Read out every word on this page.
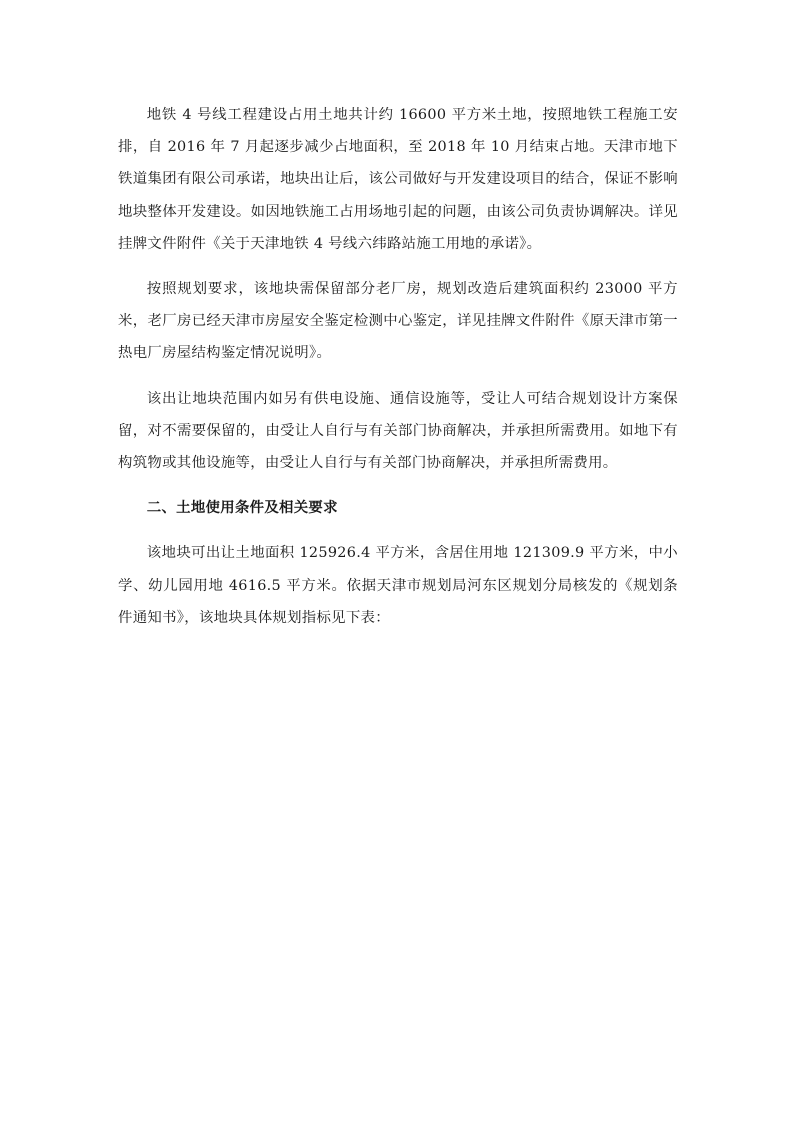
地铁 4 号线工程建设占用土地共计约 16600 平方米土地，按照地铁工程施工安排，自 2016 年 7 月起逐步减少占地面积，至 2018 年 10 月结束占地。天津市地下铁道集团有限公司承诺，地块出让后，该公司做好与开发建设项目的结合，保证不影响地块整体开发建设。如因地铁施工占用场地引起的问题，由该公司负责协调解决。详见挂牌文件附件《关于天津地铁 4 号线六纬路站施工用地的承诺》。

按照规划要求，该地块需保留部分老厂房，规划改造后建筑面积约 23000 平方米，老厂房已经天津市房屋安全鉴定检测中心鉴定，详见挂牌文件附件《原天津市第一热电厂房屋结构鉴定情况说明》。

该出让地块范围内如另有供电设施、通信设施等，受让人可结合规划设计方案保留，对不需要保留的，由受让人自行与有关部门协商解决，并承担所需费用。如地下有构筑物或其他设施等，由受让人自行与有关部门协商解决，并承担所需费用。

二、土地使用条件及相关要求

该地块可出让土地面积 125926.4 平方米，含居住用地 121309.9 平方米，中小学、幼儿园用地 4616.5 平方米。依据天津市规划局河东区规划分局核发的《规划条件通知书》，该地块具体规划指标见下表：
